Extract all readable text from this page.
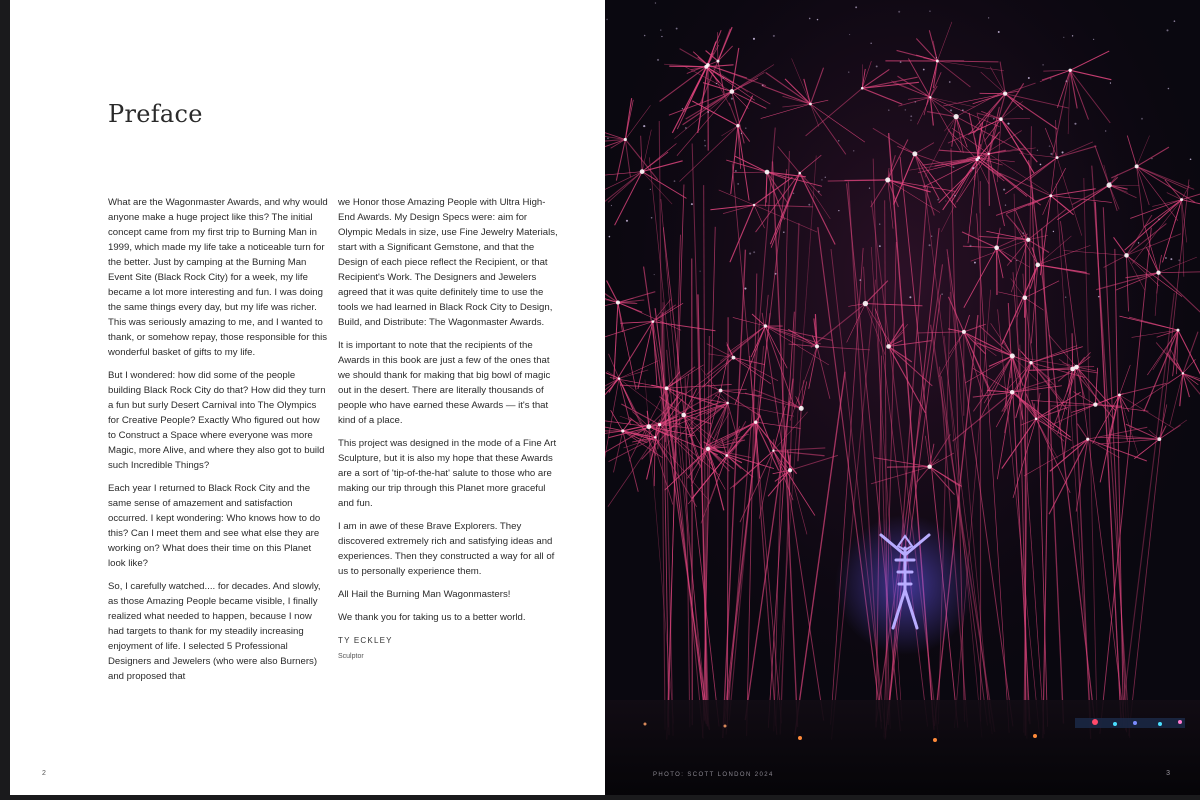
Preface

What are the Wagonmaster Awards, and why would anyone make a huge project like this? The initial concept came from my first trip to Burning Man in 1999, which made my life take a noticeable turn for the better. Just by camping at the Burning Man Event Site (Black Rock City) for a week, my life became a lot more interesting and fun. I was doing the same things every day, but my life was richer. This was seriously amazing to me, and I wanted to thank, or somehow repay, those responsible for this wonderful basket of gifts to my life.

But I wondered: how did some of the people building Black Rock City do that? How did they turn a fun but surly Desert Carnival into The Olympics for Creative People? Exactly Who figured out how to Construct a Space where everyone was more Magic, more Alive, and where they also got to build such Incredible Things?

Each year I returned to Black Rock City and the same sense of amazement and satisfaction occurred. I kept wondering: Who knows how to do this? Can I meet them and see what else they are working on? What does their time on this Planet look like?

So, I carefully watched.... for decades. And slowly, as those Amazing People became visible, I finally realized what needed to happen, because I now had targets to thank for my steadily increasing enjoyment of life. I selected 5 Professional Designers and Jewelers (who were also Burners) and proposed that

we Honor those Amazing People with Ultra High-End Awards. My Design Specs were: aim for Olympic Medals in size, use Fine Jewelry Materials, start with a Significant Gemstone, and that the Design of each piece reflect the Recipient, or that Recipient's Work. The Designers and Jewelers agreed that it was quite definitely time to use the tools we had learned in Black Rock City to Design, Build, and Distribute: The Wagonmaster Awards.

It is important to note that the recipients of the Awards in this book are just a few of the ones that we should thank for making that big bowl of magic out in the desert. There are literally thousands of people who have earned these Awards — it's that kind of a place.

This project was designed in the mode of a Fine Art Sculpture, but it is also my hope that these Awards are a sort of 'tip-of-the-hat' salute to those who are making our trip through this Planet more graceful and fun.

I am in awe of these Brave Explorers. They discovered extremely rich and satisfying ideas and experiences. Then they constructed a way for all of us to personally experience them.

All Hail the Burning Man Wagonmasters!

We thank you for taking us to a better world.

TY ECKLEY
Sculptor
2	PHOTO: SCOTT LONDON 2024	3
